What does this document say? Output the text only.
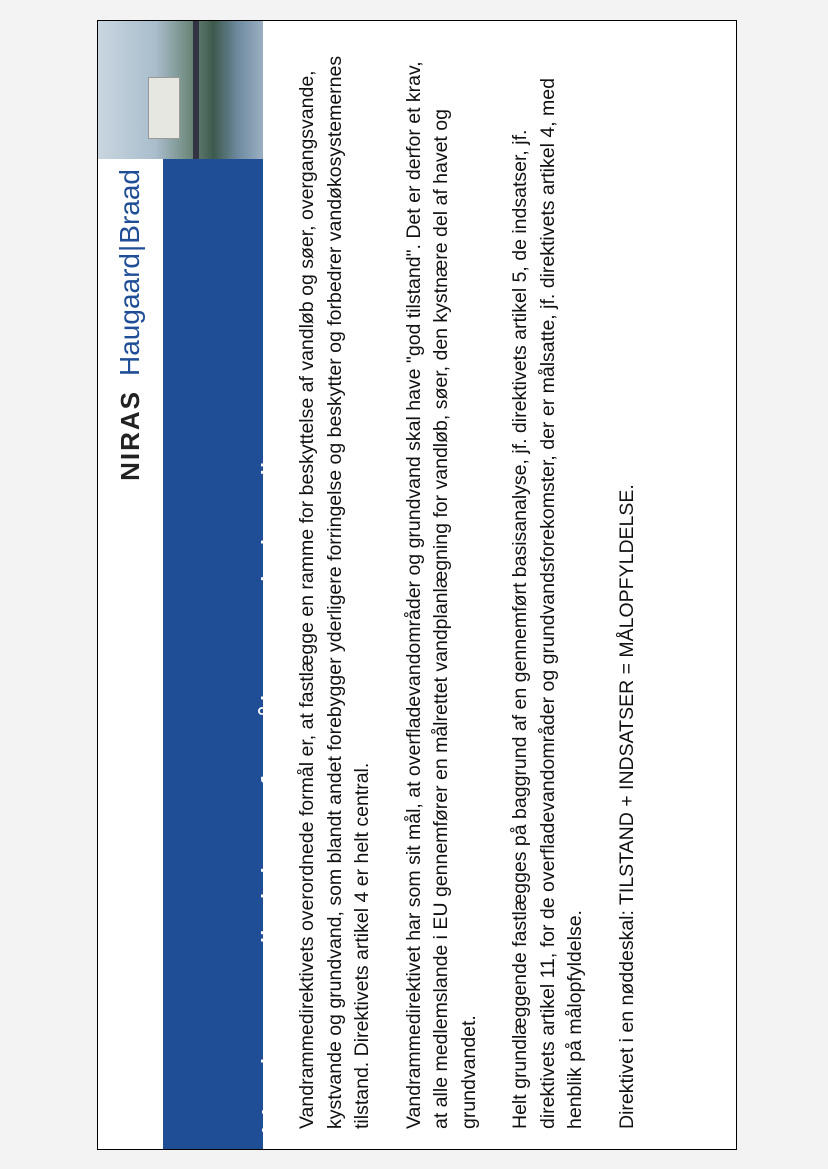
NIRAS
Haugaard|Braad
Vandrammedirektivet – formålet, reguleringstiltag mv. Vandrammedirektivets overordnede formål er, at fastlægge en ramme for beskyttelse af vandløb og søer, overgangsvande, kystvande og grundvand, som blandt andet forebygger yderligere forringelse og beskytter og forbedrer vandøkosystemernes tilstand. Direktivets artikel 4 er helt central. Vandrammedirektivet har som sit mål, at overfladevandområder og grundvand skal have "god tilstand". Det er derfor et krav, at alle medlemslande i EU gennemfører en målrettet vandplanlægning for vandløb, søer, den kystnære del af havet og grundvandet. Helt grundlæggende fastlægges på baggrund af en gennemført basisanalyse, jf. direktivets artikel 5, de indsatser, jf. direktivets artikel 11, for de overfladevandområder og grundvandsforekomster, der er målsatte, jf. direktivets artikel 4, med henblik på målopfyldelse. Direktivet i en nøddeskal: TILSTAND + INDSATSER = MÅLOPFYLDELSE.
